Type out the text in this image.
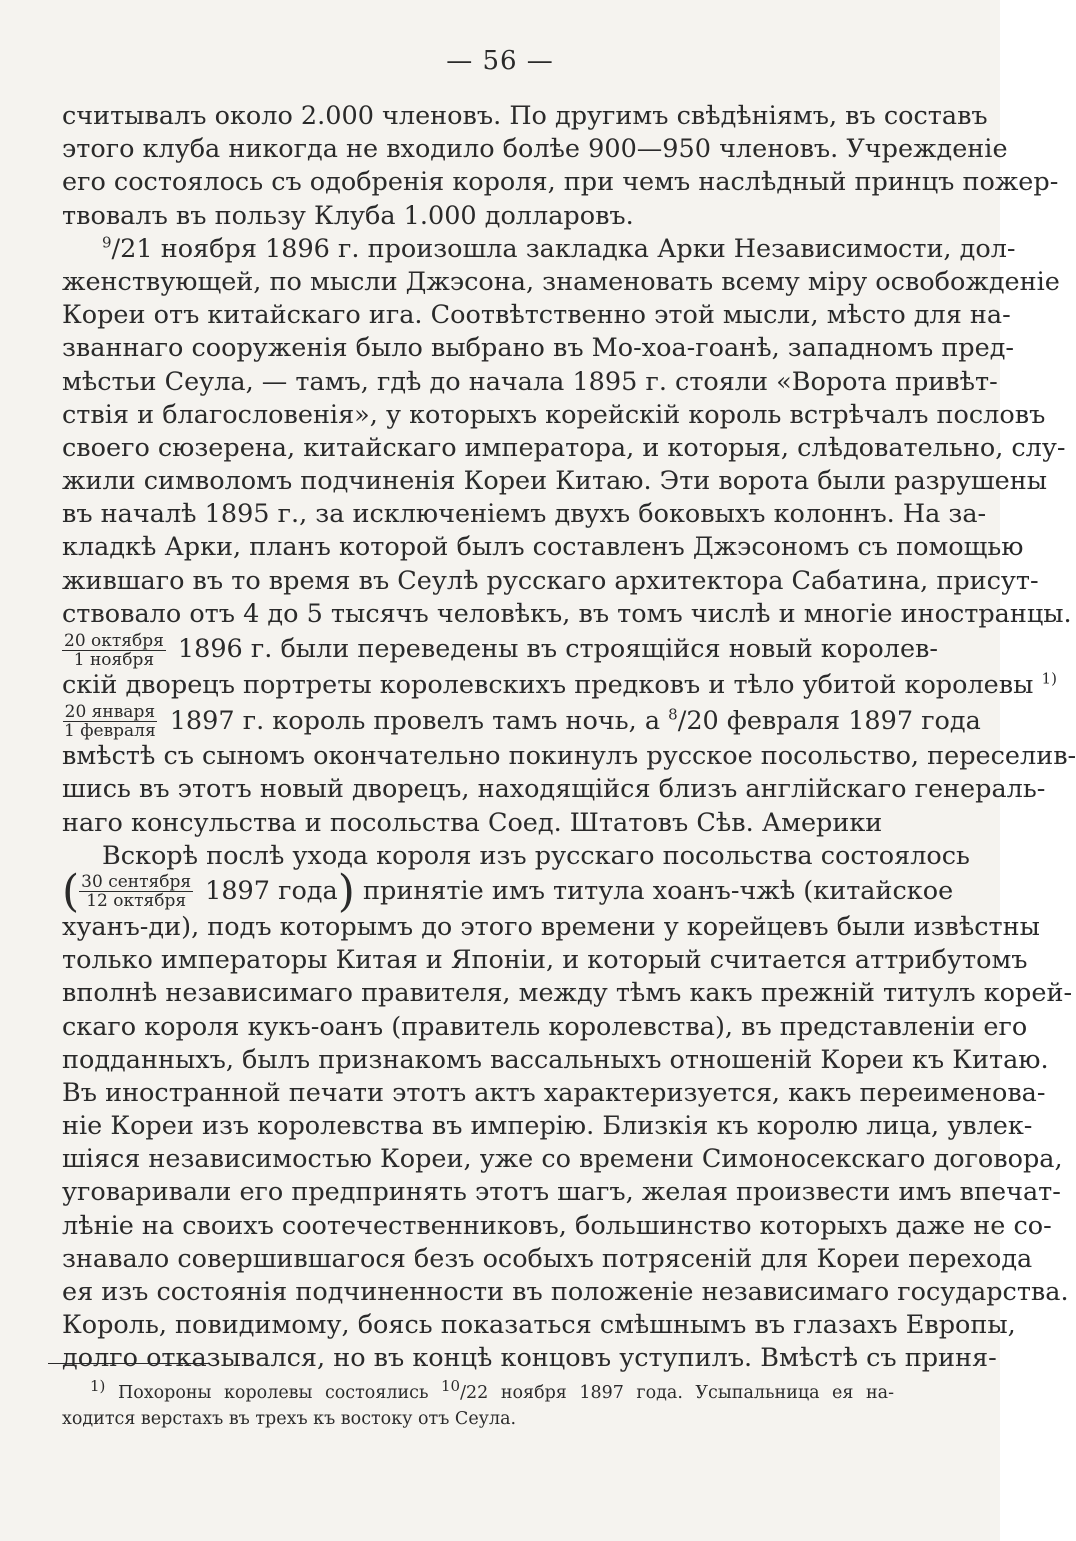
— 56 —
считывалъ около 2.000 членовъ. По другимъ свѣдѣніямъ, въ составъ
этого клуба никогда не входило болѣе 900—950 членовъ. Учрежденіе
его состоялось съ одобренія короля, при чемъ наслѣдный принцъ пожер-
твовалъ въ пользу Клуба 1.000 долларовъ.
$^9$/21 ноября 1896 г. произошла закладка Арки Независимости, дол-
женствующей, по мысли Джэсона, знаменовать всему міру освобожденіе
Кореи отъ китайскаго ига. Соотвѣтственно этой мысли, мѣсто для на-
званнаго сооруженія было выбрано въ Мо-хоа-гоанѣ, западномъ пред-
мѣстьи Сеула, — тамъ, гдѣ до начала 1895 г. стояли «Ворота привѣт-
ствія и благословенія», у которыхъ корейскій король встрѣчалъ пословъ
своего сюзерена, китайскаго императора, и которыя, слѣдовательно, слу-
жили символомъ подчиненія Кореи Китаю. Эти ворота были разрушены
въ началѣ 1895 г., за исключеніемъ двухъ боковыхъ колоннъ. На за-
кладкѣ Арки, планъ которой былъ составленъ Джэсономъ съ помощью
жившаго въ то время въ Сеулѣ русскаго архитектора Сабатина, присут-
ствовало отъ 4 до 5 тысячъ человѣкъ, въ томъ числѣ и многіе иностранцы.
$\frac{\text{20 октября}}{\text{1 ноября}} 1896$ г. были переведены въ строящійся новый королев-
скій дворецъ портреты королевскихъ предковъ и тѣло убитой королевы $^{1)}$
$\frac{\text{20 января}}{\text{1 февраля}} 1897$ г. король провелъ тамъ ночь, а $^8$/20 февраля 1897 года
вмѣстѣ съ сыномъ окончательно покинулъ русское посольство, переселив-
шись въ этотъ новый дворецъ, находящійся близъ англійскаго генераль-
наго консульства и посольства Соед. Штатовъ Сѣв. Америки
Вскорѣ послѣ ухода короля изъ русскаго посольства состоялось
( $\frac{\text{30 сентября}}{\text{12 октября}} 1897$ года )
принятіе имъ титула хоанъ-чжѣ (китайское
хуанъ-ди), подъ которымъ до этого времени у корейцевъ были извѣстны
только императоры Китая и Японіи, и который считается аттрибутомъ
вполнѣ независимаго правителя, между тѣмъ какъ прежній титулъ корей-
скаго короля кукъ-оанъ (правитель королевства), въ представленіи его
подданныхъ, былъ признакомъ вассальныхъ отношеній Кореи къ Китаю.
Въ иностранной печати этотъ актъ характеризуется, какъ переименова-
ніе Кореи изъ королевства въ имперію. Близкія къ королю лица, увлек-
шіяся независимостью Кореи, уже со времени Симоносекскаго договора,
уговаривали его предпринять этотъ шагъ, желая произвести имъ впечат-
лѣніе на своихъ соотечественниковъ, большинство которыхъ даже не со-
знавало совершившагося безъ особыхъ потрясеній для Кореи перехода
ея изъ состоянія подчиненности въ положеніе независимаго государства.
Король, повидимому, боясь показаться смѣшнымъ въ глазахъ Европы,
долго отказывался, но въ концѣ концовъ уступилъ. Вмѣстѣ съ приня-
1) Похороны королевы состоялись 10/22 ноября 1897 года. Усыпальница ея на-
ходится верстахъ въ трехъ къ востоку отъ Сеула.
